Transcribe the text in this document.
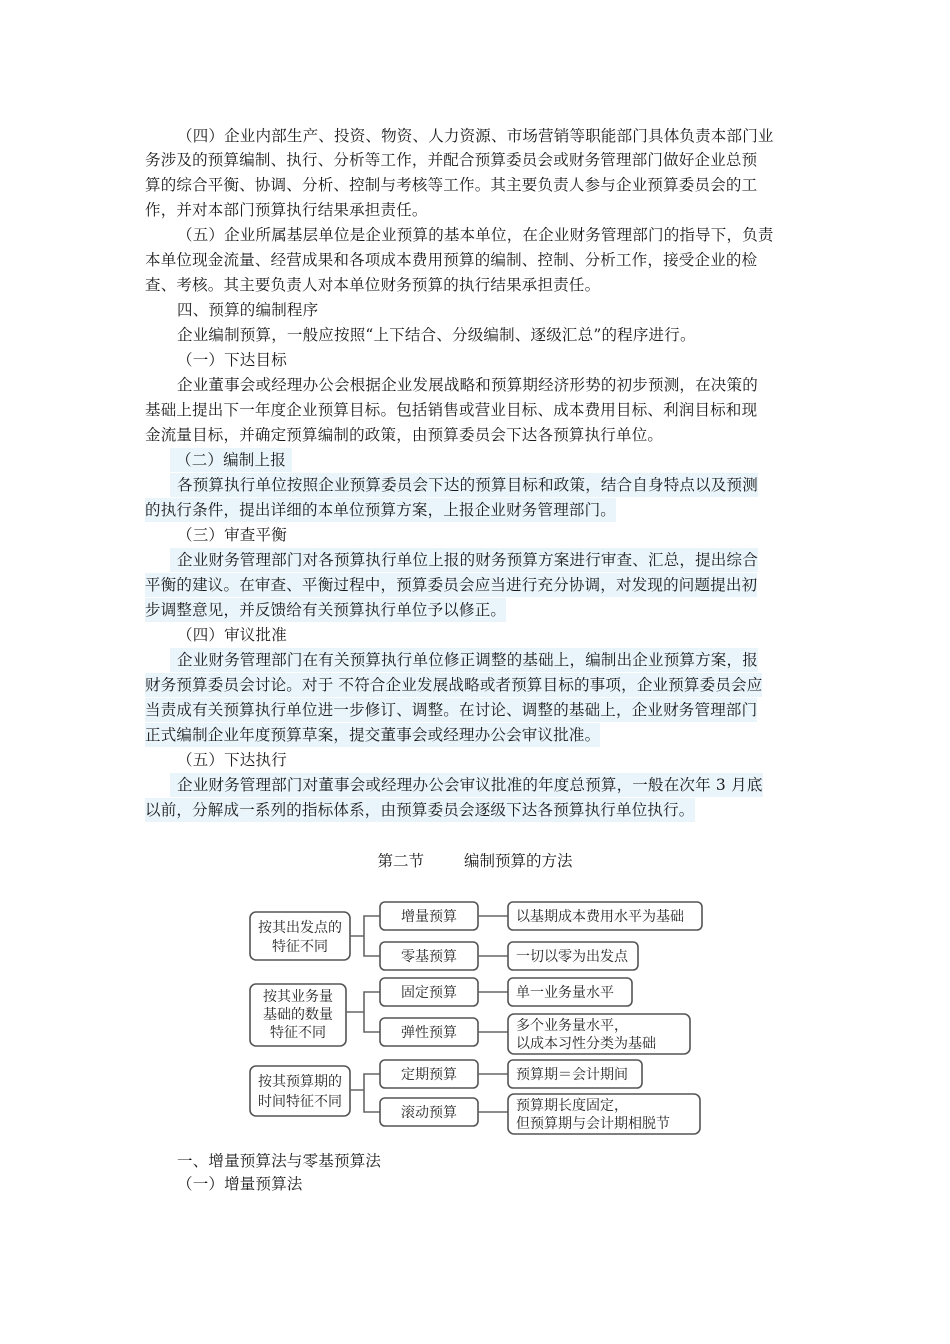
（四）企业内部生产、投资、物资、人力资源、市场营销等职能部门具体负责本部门业
务涉及的预算编制、执行、分析等工作，并配合预算委员会或财务管理部门做好企业总预
算的综合平衡、协调、分析、控制与考核等工作。其主要负责人参与企业预算委员会的工
作，并对本部门预算执行结果承担责任。
（五）企业所属基层单位是企业预算的基本单位，在企业财务管理部门的指导下，负责
本单位现金流量、经营成果和各项成本费用预算的编制、控制、分析工作，接受企业的检
查、考核。其主要负责人对本单位财务预算的执行结果承担责任。
四、预算的编制程序
企业编制预算，一般应按照“上下结合、分级编制、逐级汇总”的程序进行。
（一）下达目标
企业董事会或经理办公会根据企业发展战略和预算期经济形势的初步预测，在决策的
基础上提出下一年度企业预算目标。包括销售或营业目标、成本费用目标、利润目标和现
金流量目标，并确定预算编制的政策，由预算委员会下达各预算执行单位。
（二）编制上报
各预算执行单位按照企业预算委员会下达的预算目标和政策，结合自身特点以及预测
的执行条件，提出详细的本单位预算方案，上报企业财务管理部门。
（三）审查平衡
企业财务管理部门对各预算执行单位上报的财务预算方案进行审查、汇总，提出综合
平衡的建议。在审查、平衡过程中，预算委员会应当进行充分协调，对发现的问题提出初
步调整意见，并反馈给有关预算执行单位予以修正。
（四）审议批准
企业财务管理部门在有关预算执行单位修正调整的基础上，编制出企业预算方案，报
财务预算委员会讨论。对于 不符合企业发展战略或者预算目标的事项，企业预算委员会应
当责成有关预算执行单位进一步修订、调整。在讨论、调整的基础上，企业财务管理部门
正式编制企业年度预算草案，提交董事会或经理办公会审议批准。
（五）下达执行
企业财务管理部门对董事会或经理办公会审议批准的年度总预算，一般在次年 3 月底
以前，分解成一系列的指标体系，由预算委员会逐级下达各预算执行单位执行。
第二节	编制预算的方法
按其出发点的
特征不同
增量预算
零基预算
以基期成本费用水平为基础
一切以零为出发点
按其业务量
基础的数量
特征不同
固定预算
弹性预算
单一业务量水平
多个业务量水平，
以成本习性分类为基础
按其预算期的
时间特征不同
定期预算
滚动预算
预算期＝会计期间
预算期长度固定，
但预算期与会计期相脱节
一、增量预算法与零基预算法
（一）增量预算法
